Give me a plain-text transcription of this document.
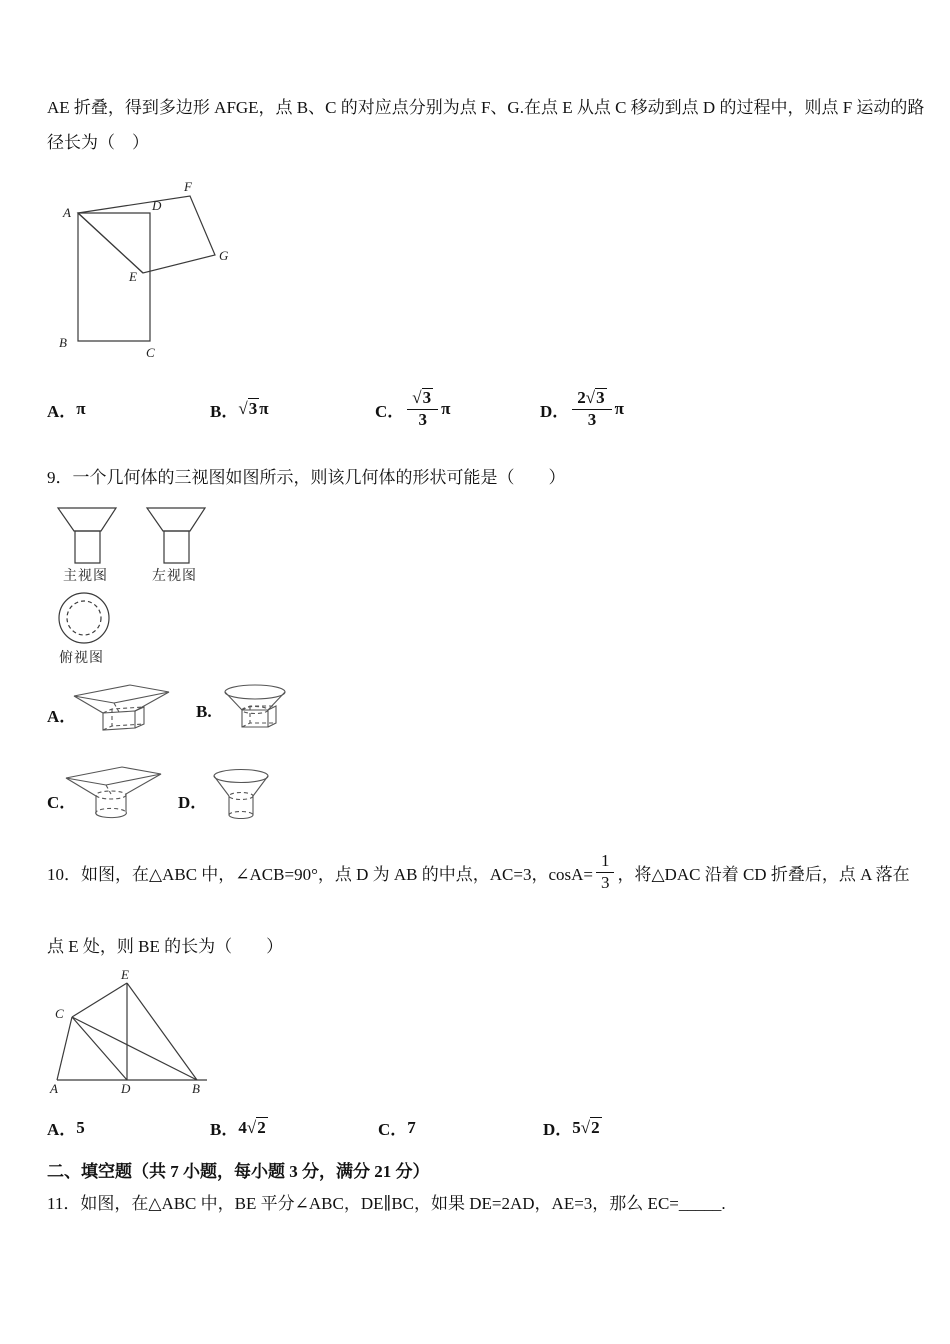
AE 折叠，得到多边形 AFGE，点 B、C 的对应点分别为点 F、G.在点 E 从点 C 移动到点 D 的过程中，则点 F 运动的路
径长为（　）
A	D
F
G
E
B
C
A． π	B． √3 π	C． $\frac{√ 3}{3}$ π	D． $\frac{2 √ 3}{3}$ π
9．一个几何体的三视图如图所示，则该几何体的形状可能是（　　）
主视图	左视图
俯视图
A．	B.
C．	D．
10．如图，在△ABC 中，∠ACB=90°，点 D 为 AB 的中点，AC=3，$\cos A= \frac{1}{3}$ ，将△DAC 沿着 CD 折叠后，点 A 落在
点 E 处，则 BE 的长为（　　）
A	D	B
C
E
A． 5	B． 4 √ 2	C． 7	D． 5 √ 2
二、填空题（共 7 小题，每小题 3 分，满分 21 分）
11．如图，在△ABC 中，BE 平分∠ABC，DE∥BC，如果 DE=2AD，AE=3，那么 EC=_____.
